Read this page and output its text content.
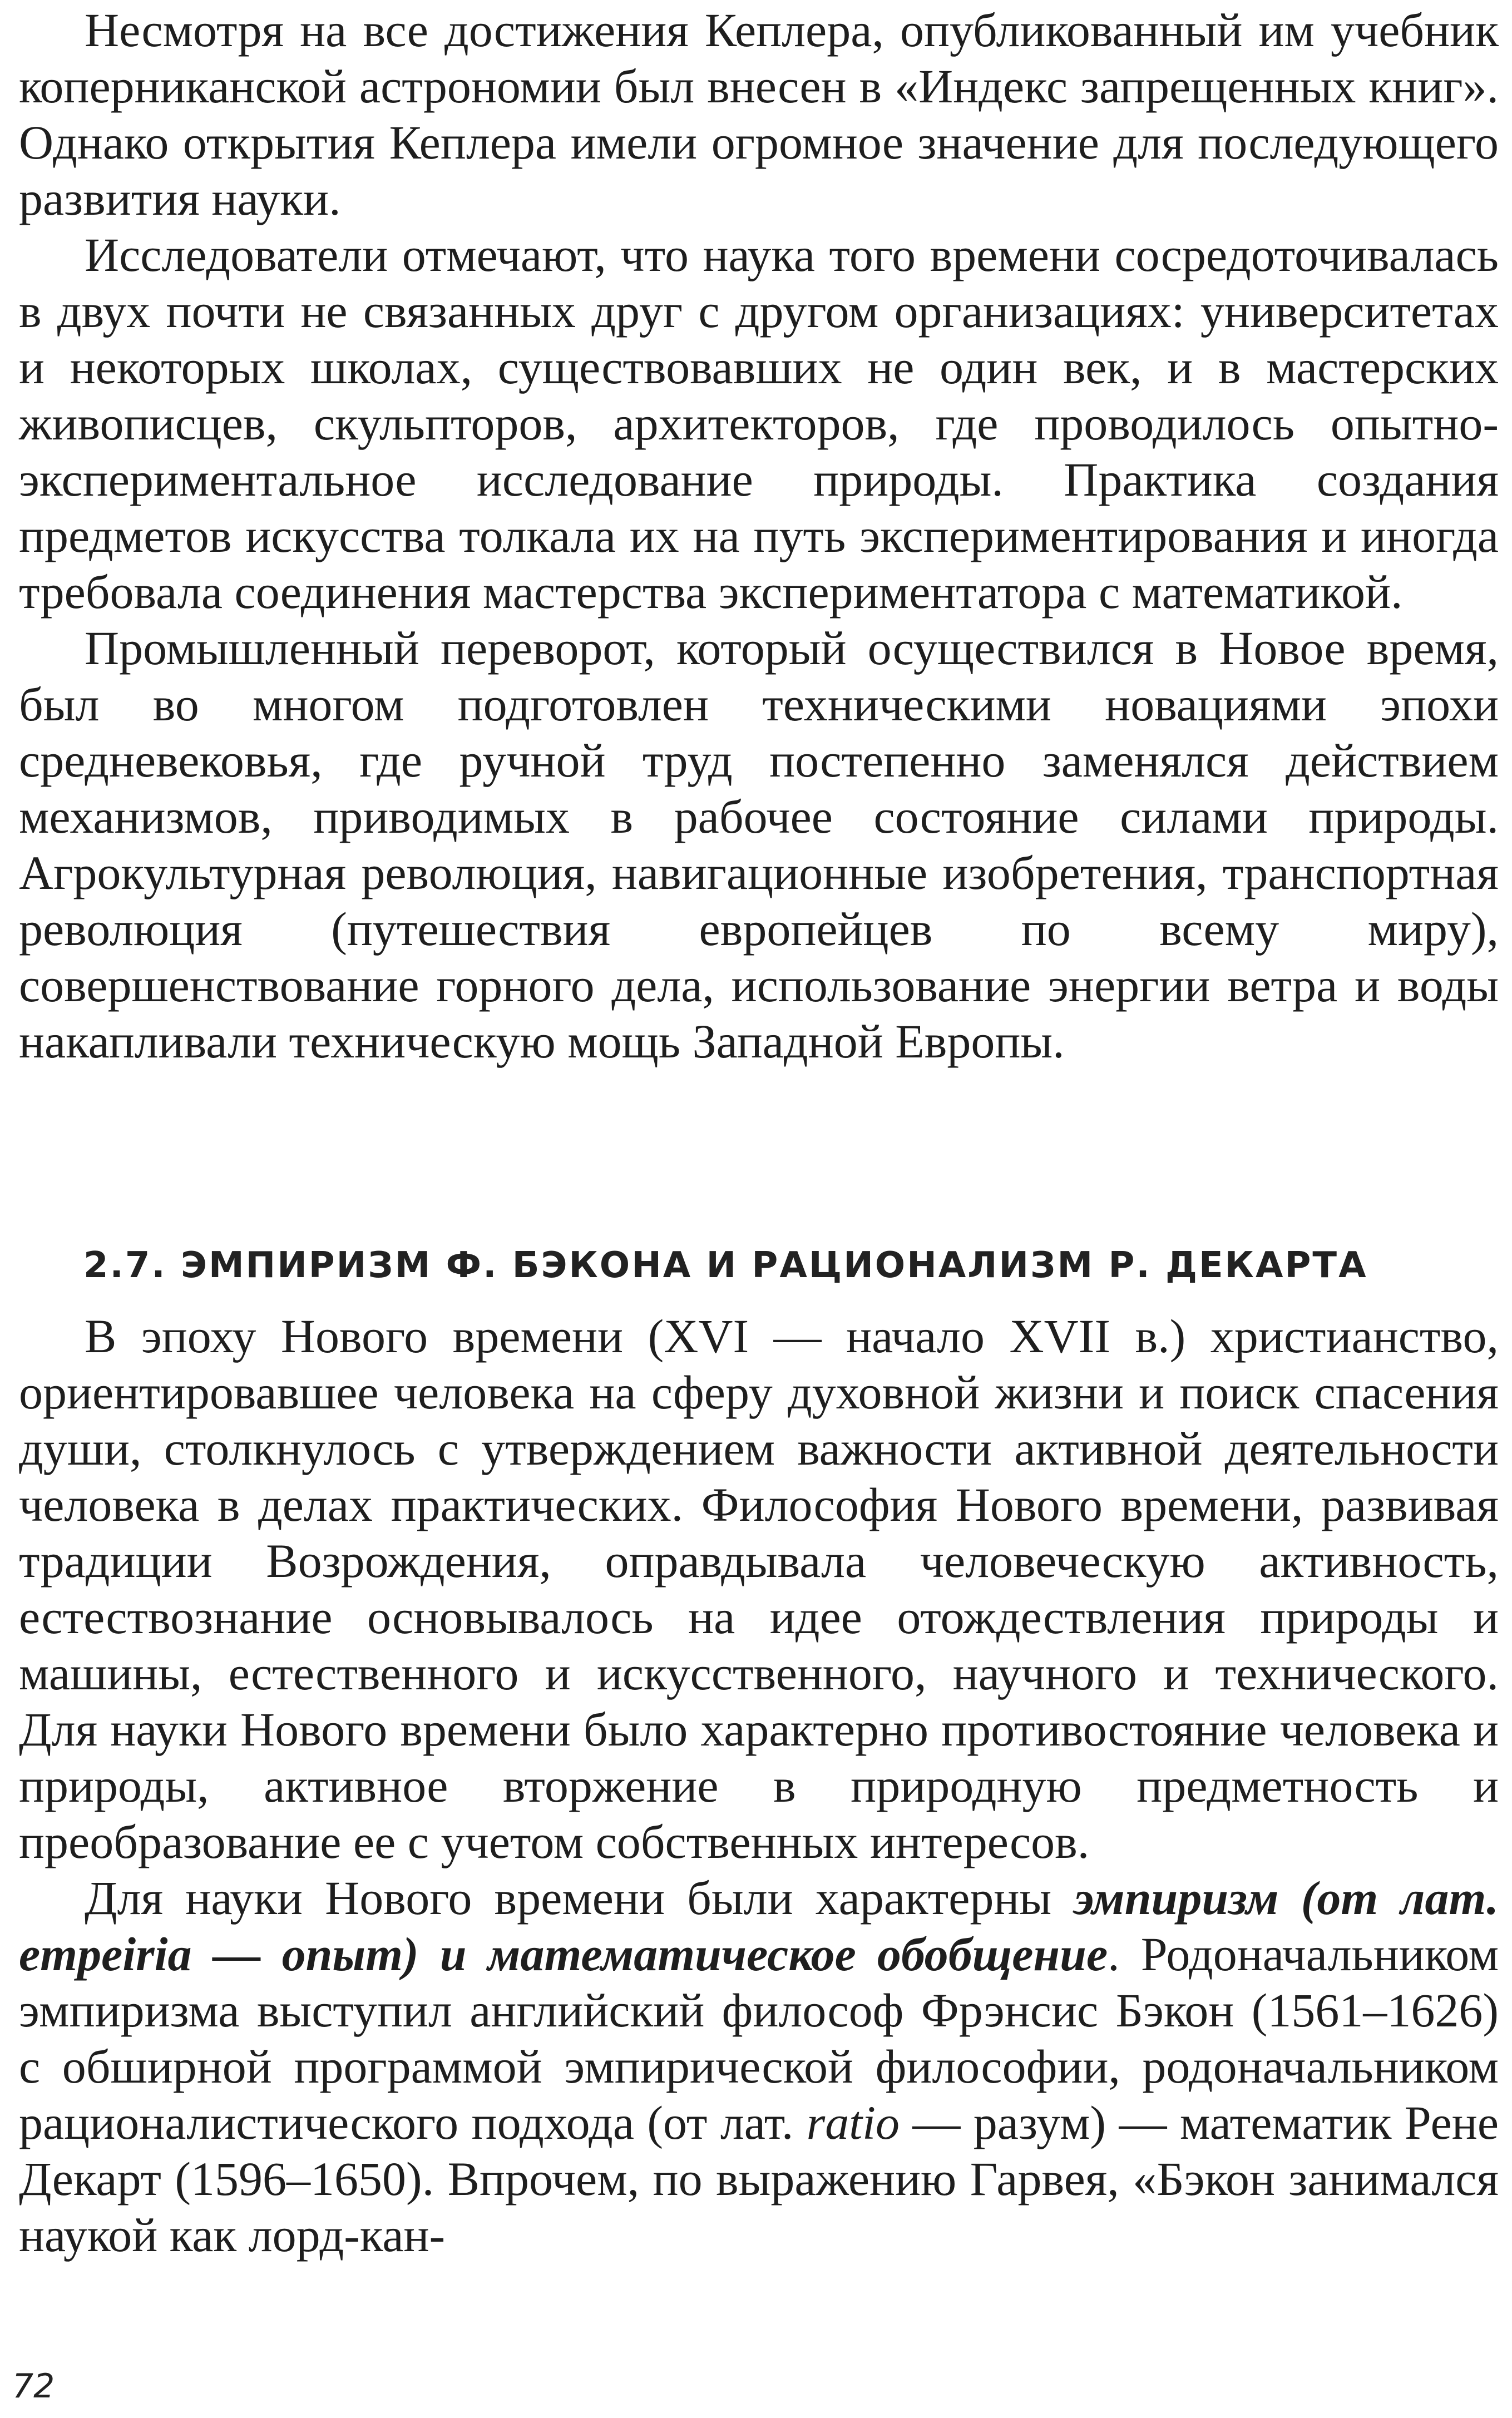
Несмотря на все достижения Кеплера, опубликованный им учебник коперниканской астрономии был внесен в «Индекс запрещенных книг». Однако открытия Кеплера имели огромное значение для последующего развития науки.

Исследователи отмечают, что наука того времени сосредоточивалась в двух почти не связанных друг с другом организациях: университетах и некоторых школах, существовавших не один век, и в мастерских живописцев, скульпторов, архитекторов, где проводилось опытно-экспериментальное исследование природы. Практика создания предметов искусства толкала их на путь экспериментирования и иногда требовала соединения мастерства экспериментатора с математикой.

Промышленный переворот, который осуществился в Новое время, был во многом подготовлен техническими новациями эпохи средневековья, где ручной труд постепенно заменялся действием механизмов, приводимых в рабочее состояние силами природы. Агрокультурная революция, навигационные изобретения, транспортная революция (путешествия европейцев по всему миру), совершенствование горного дела, использование энергии ветра и воды накапливали техническую мощь Западной Европы.

2.7. ЭМПИРИЗМ Ф. БЭКОНА И РАЦИОНАЛИЗМ Р. ДЕКАРТА

В эпоху Нового времени (XVI — начало XVII в.) христианство, ориентировавшее человека на сферу духовной жизни и поиск спасения души, столкнулось с утверждением важности активной деятельности человека в делах практических. Философия Нового времени, развивая традиции Возрождения, оправдывала человеческую активность, естествознание основывалось на идее отождествления природы и машины, естественного и искусственного, научного и технического. Для науки Нового времени было характерно противостояние человека и природы, активное вторжение в природную предметность и преобразование ее с учетом собственных интересов.

Для науки Нового времени были характерны эмпиризм (от лат. empeiria — опыт) и математическое обобщение. Родоначальником эмпиризма выступил английский философ Фрэнсис Бэкон (1561–1626) с обширной программой эмпирической философии, родоначальником рационалистического подхода (от лат. ratio — разум) — математик Рене Декарт (1596–1650). Впрочем, по выражению Гарвея, «Бэкон занимался наукой как лорд-кан-

72
